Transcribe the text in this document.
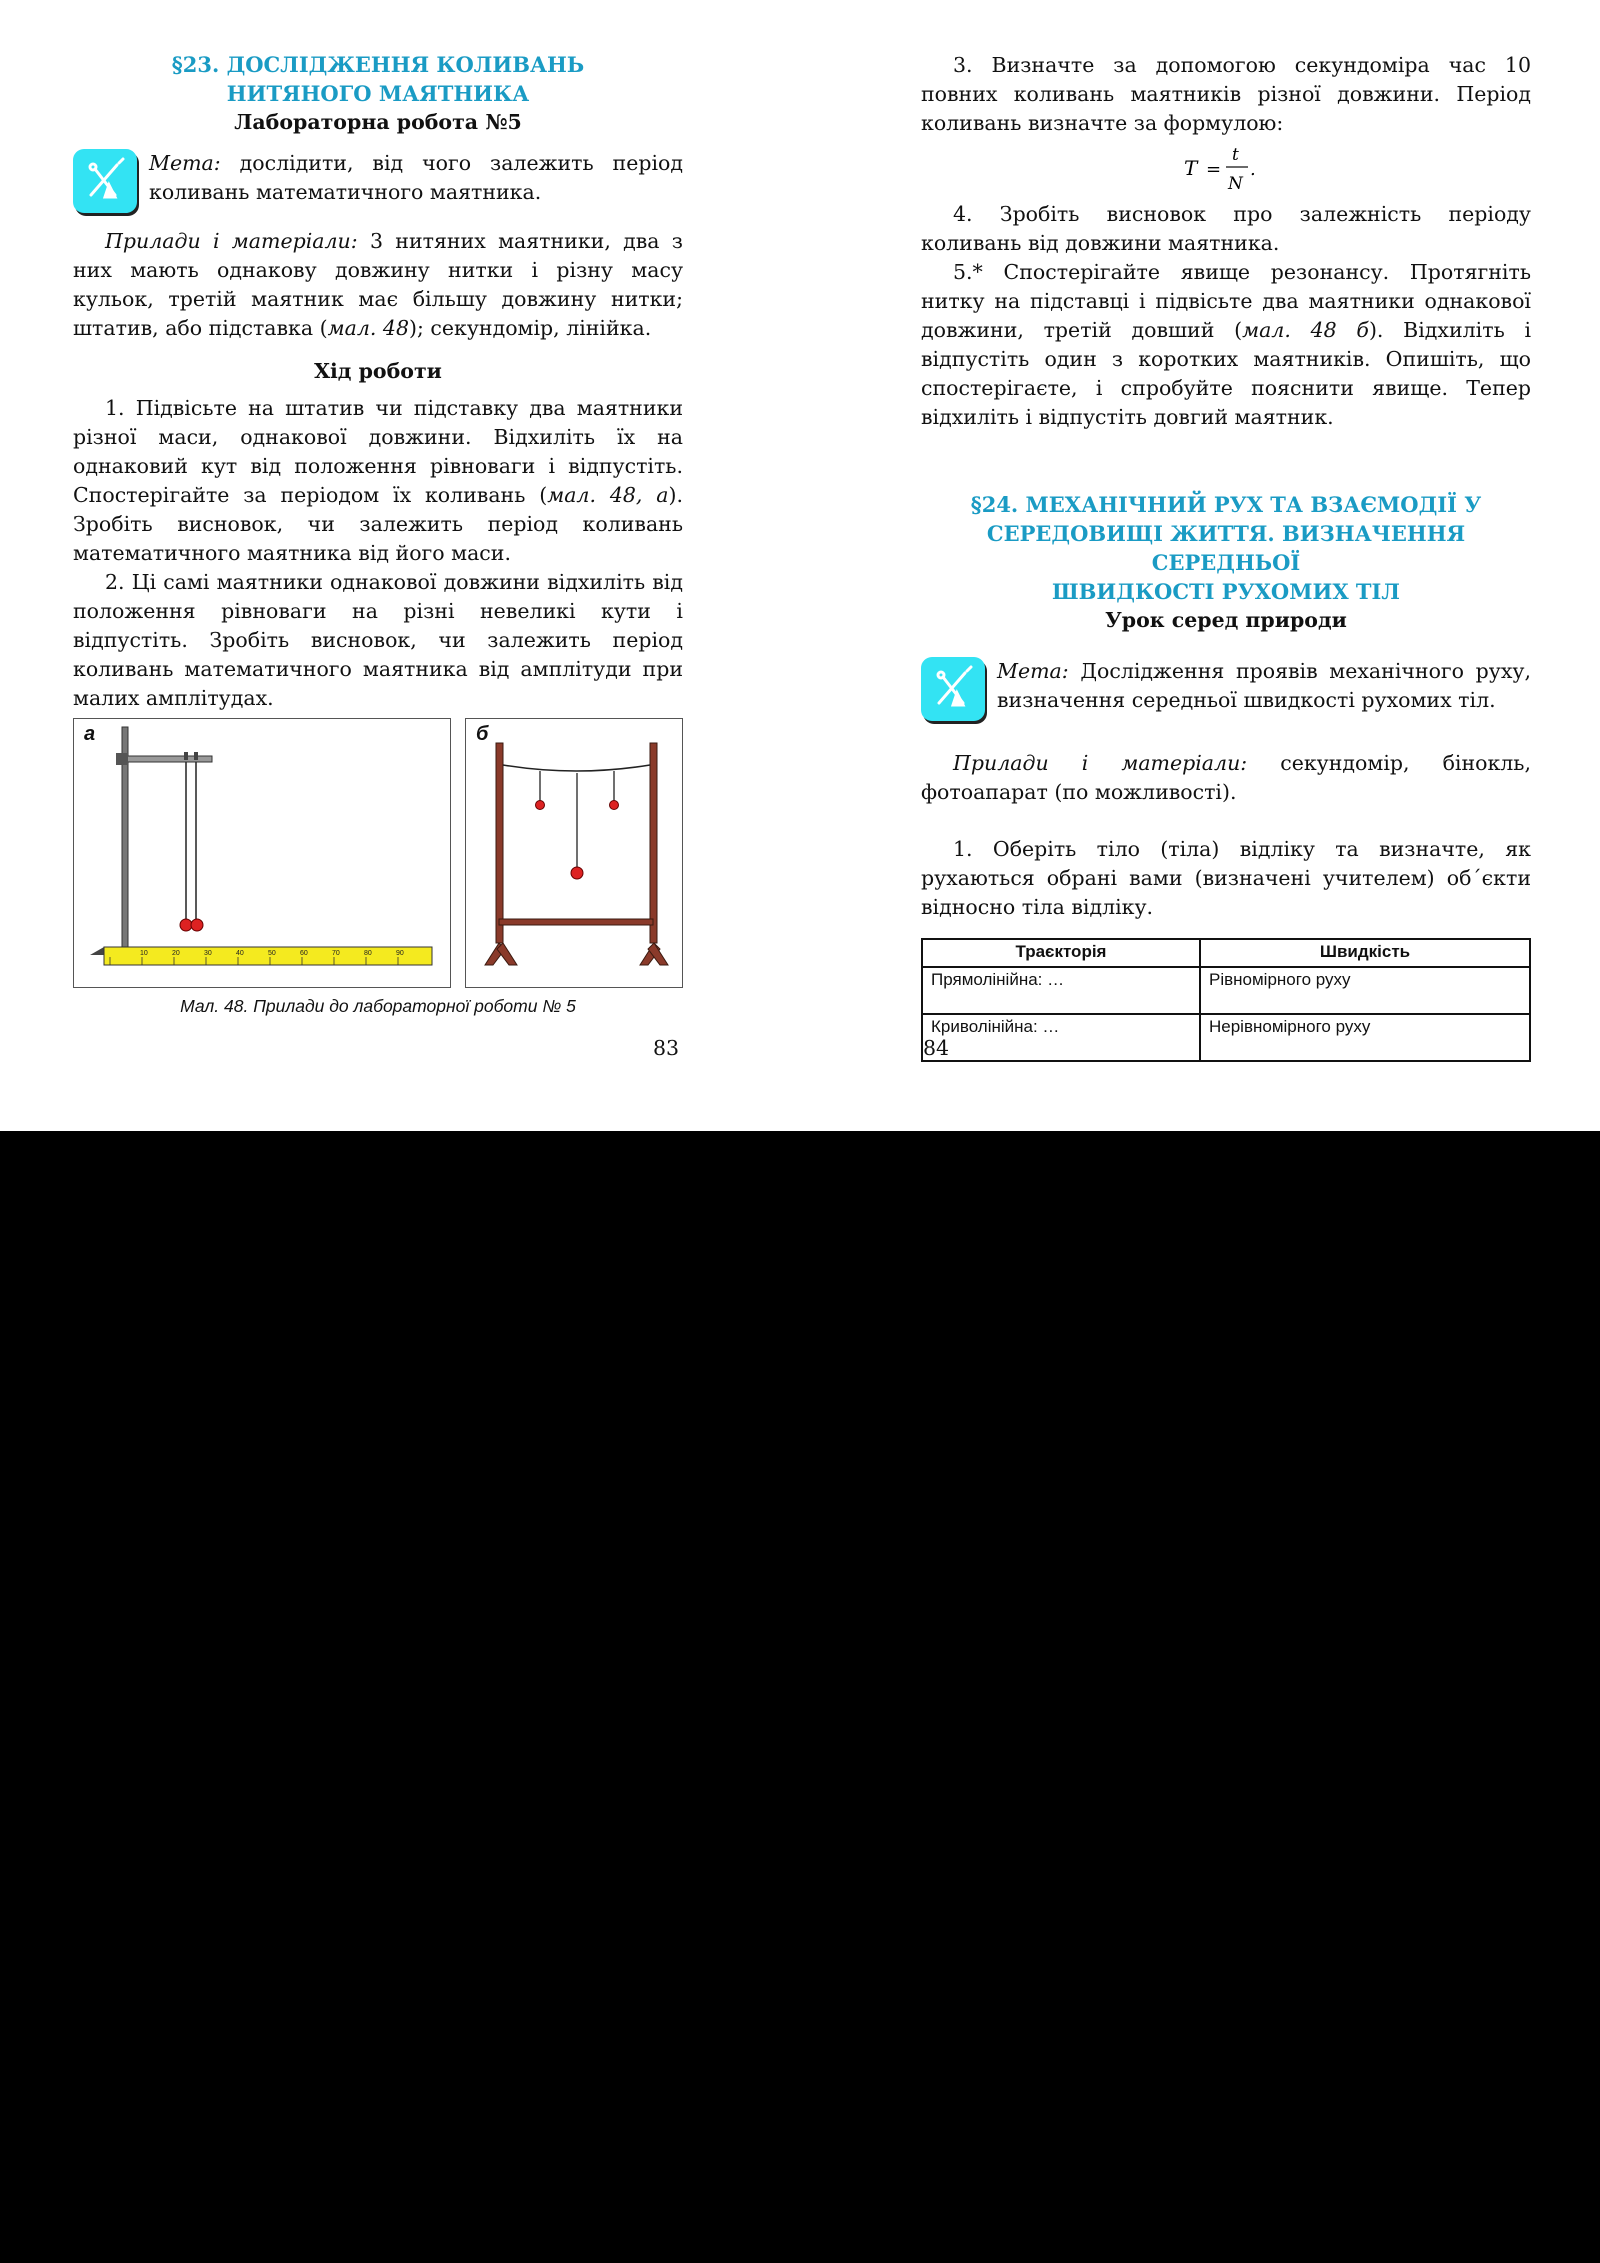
§23. ДОСЛІДЖЕННЯ КОЛИВАНЬ
НИТЯНОГО МАЯТНИКА
Лабораторна робота №5

Мета: дослідити, від чого залежить період коливань математичного маятника.

Прилади і матеріали: 3 нитяних маятники, два з них мають однакову довжину нитки і різну масу кульок, третій маятник має більшу довжину нитки; штатив, або підставка (мал. 48); секундомір, лінійка.

Хід роботи

1. Підвісьте на штатив чи підставку два маятники різної маси, однакової довжини. Відхиліть їх на однаковий кут від положення рівноваги і відпустіть. Спостерігайте за періодом їх коливань (мал. 48, а). Зробіть висновок, чи залежить період коливань математичного маятника від його маси.

2. Ці самі маятники однакової довжини відхиліть від положення рівноваги на різні невеликі кути і відпустіть. Зробіть висновок, чи залежить період коливань математичного маятника від амплітуди при малих амплітудах.

а
10	20	30	40	50	60	70	80	90
б
Мал. 48. Прилади до лабораторної роботи № 5
83

3. Визначте за допомогою секундоміра час 10 повних коливань маятників різної довжини. Період коливань визначте за формулою:

T =
t
N
.

4. Зробіть висновок про залежність періоду коливань від довжини маятника.

5.* Спостерігайте явище резонансу. Протягніть нитку на підставці і підвісьте два маятники однакової довжини, третій довший (мал. 48 б). Відхиліть і відпустіть один з коротких маятників. Опишіть, що спостерігаєте, і спробуйте пояснити явище. Тепер відхиліть і відпустіть довгий маятник.

§24. МЕХАНІЧНИЙ РУХ ТА ВЗАЄМОДІЇ У
СЕРЕДОВИЩІ ЖИТТЯ. ВИЗНАЧЕННЯ СЕРЕДНЬОЇ
ШВИДКОСТІ РУХОМИХ ТІЛ
Урок серед природи

Мета: Дослідження проявів механічного руху, визначення середньої швидкості рухомих тіл.

Прилади і матеріали: секундомір, бінокль, фотоапарат (по можливості).

1. Оберіть тіло (тіла) відліку та визначте, як рухаються обрані вами (визначені учителем) об΄єкти відносно тіла відліку.

Траєкторія	Швидкість
Прямолінійна: …	Рівномірного руху
Криволінійна: …	Нерівномірного руху
84
